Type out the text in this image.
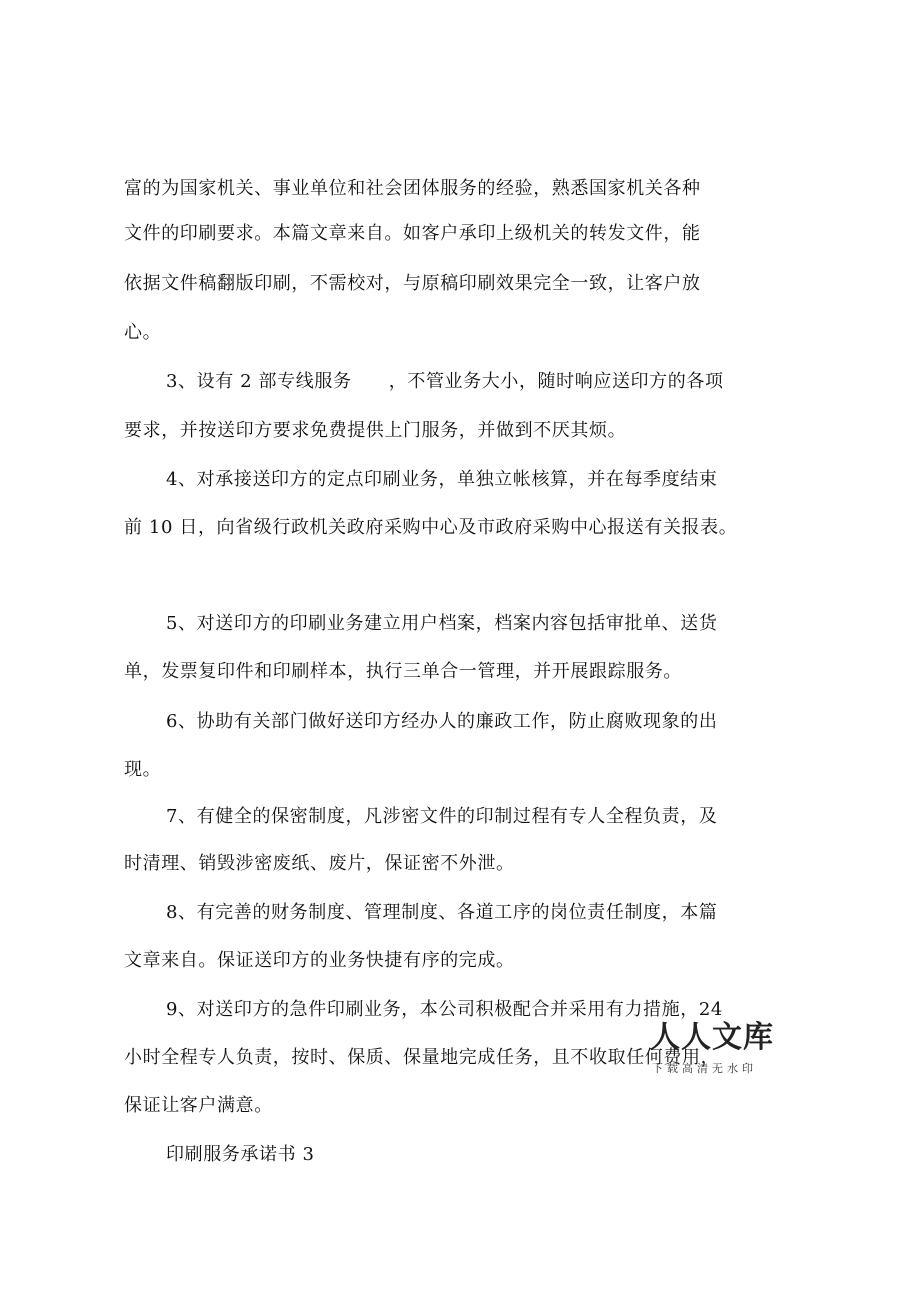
富的为国家机关、事业单位和社会团体服务的经验，熟悉国家机关各种
文件的印刷要求。本篇文章来自。如客户承印上级机关的转发文件，能
依据文件稿翻版印刷，不需校对，与原稿印刷效果完全一致，让客户放
心。
3、设有 2 部专线服务　　，不管业务大小，随时响应送印方的各项
要求，并按送印方要求免费提供上门服务，并做到不厌其烦。
4、对承接送印方的定点印刷业务，单独立帐核算，并在每季度结束
前 10 日，向省级行政机关政府采购中心及市政府采购中心报送有关报表。
5、对送印方的印刷业务建立用户档案，档案内容包括审批单、送货
单，发票复印件和印刷样本，执行三单合一管理，并开展跟踪服务。
6、协助有关部门做好送印方经办人的廉政工作，防止腐败现象的出
现。
7、有健全的保密制度，凡涉密文件的印制过程有专人全程负责，及
时清理、销毁涉密废纸、废片，保证密不外泄。
8、有完善的财务制度、管理制度、各道工序的岗位责任制度，本篇
文章来自。保证送印方的业务快捷有序的完成。
9、对送印方的急件印刷业务，本公司积极配合并采用有力措施，24
小时全程专人负责，按时、保质、保量地完成任务，且不收取任何费用，
保证让客户满意。
印刷服务承诺书 3
人人文库
下载高清无水印
